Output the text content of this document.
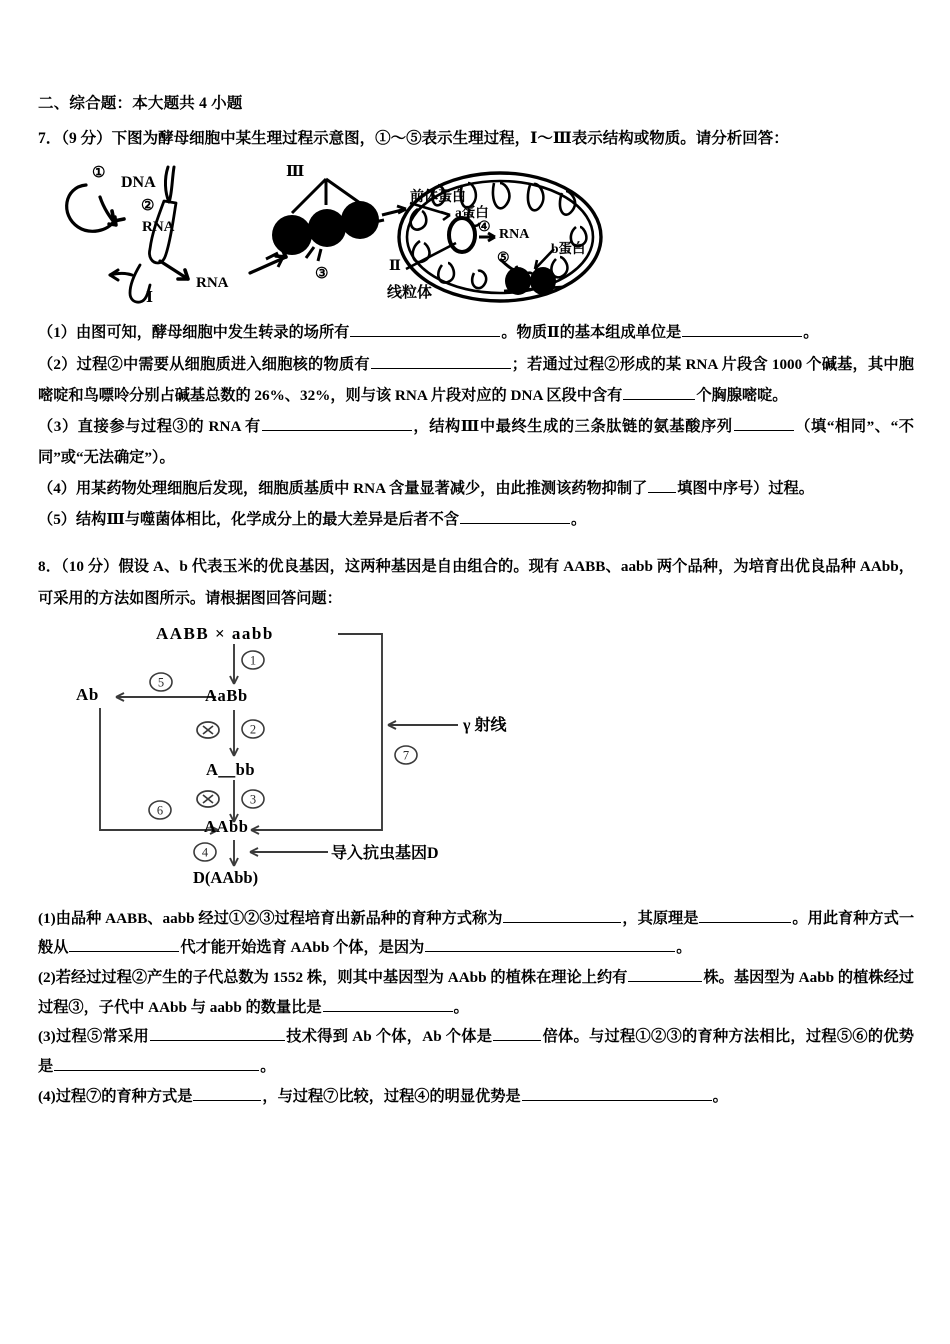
二、综合题：本大题共 4 小题
7．（9 分）下图为酵母细胞中某生理过程示意图，①～⑤表示生理过程，Ⅰ～Ⅲ表示结构或物质。请分析回答：
①
DNA
②
RNA
RNA
Ⅰ
Ⅲ
③
前体蛋白
a蛋白
④ RNA
⑤
b蛋白
Ⅱ
线粒体

（1）由图可知，酵母细胞中发生转录的场所有	。物质Ⅱ的基本组成单位是	。

（2）过程②中需要从细胞质进入细胞核的物质有	；若通过过程②形成的某 RNA 片段含 1000 个碱基，其中胞嘧啶和鸟嘌呤分别占碱基总数的 26%、32%，则与该 RNA 片段对应的 DNA 区段中含有	个胸腺嘧啶。

（3）直接参与过程③的 RNA 有	，结构Ⅲ中最终生成的三条肽链的氨基酸序列	（填“相同”、“不同”或“无法确定”）。

（4）用某药物处理细胞后发现，细胞质基质中 RNA 含量显著减少，由此推测该药物抑制了 填图中序号）过程。

（5）结构Ⅲ与噬菌体相比，化学成分上的最大差异是后者不含	。

8．（10 分）假设 A、b 代表玉米的优良基因，这两种基因是自由组合的。现有 AABB、aabb 两个品种，为培育出优良品种 AAbb，可采用的方法如图所示。请根据图回答问题：

1
2
3
4
5
6
7
AABB × aabb
AaBb
A＿bb
AAbb
D(AAbb)
Ab
γ 射线
导入抗虫基因D

(1)由品种 AABB、aabb 经过①②③过程培育出新品种的育种方式称为	，其原理是	。用此育种方式一般从	代才能开始选育 AAbb 个体，是因为	。

(2)若经过过程②产生的子代总数为 1552 株，则其中基因型为 AAbb 的植株在理论上约有	株。基因型为 Aabb 的植株经过过程③，子代中 AAbb 与 aabb 的数量比是	。

(3)过程⑤常采用	技术得到 Ab 个体，Ab 个体是	倍体。与过程①②③的育种方法相比，过程⑤⑥的优势是	。

(4)过程⑦的育种方式是	，与过程⑦比较，过程④的明显优势是	。
